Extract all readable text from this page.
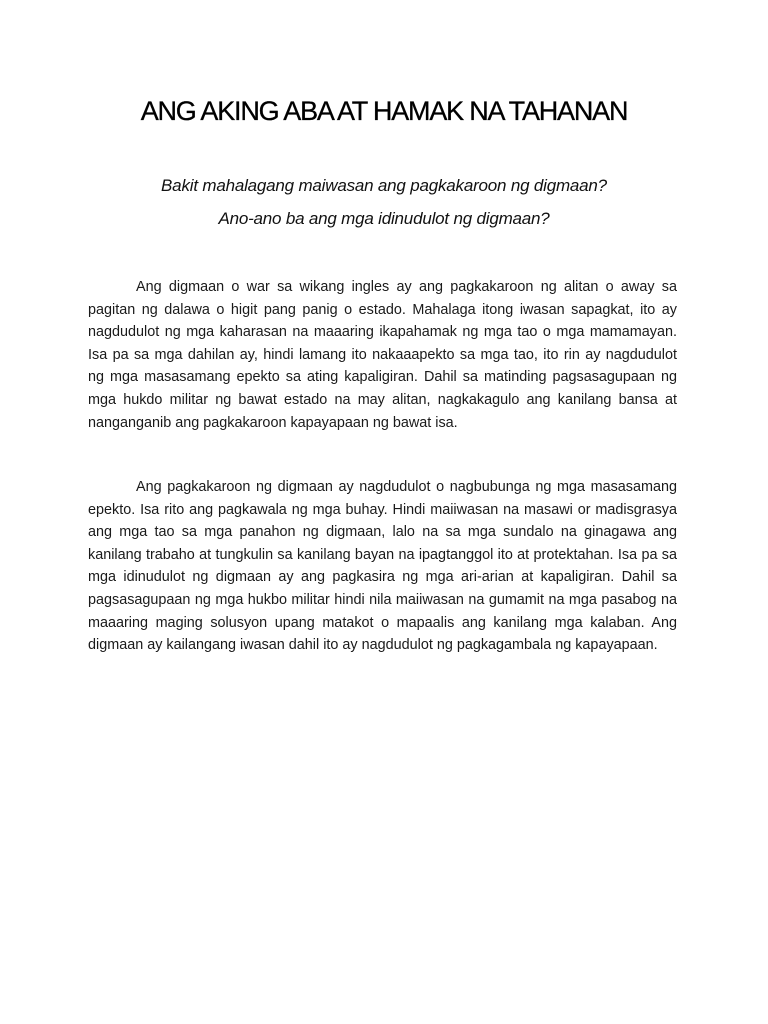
ANG AKING ABA AT HAMAK NA TAHANAN

Bakit mahalagang maiwasan ang pagkakaroon ng digmaan?

Ano-ano ba ang mga idinudulot ng digmaan?

Ang digmaan o war sa wikang ingles ay ang pagkakaroon ng alitan o away sa
pagitan ng dalawa o higit pang panig o estado. Mahalaga itong iwasan sapagkat, ito ay
nagdudulot ng mga kaharasan na maaaring ikapahamak ng mga tao o mga mamamayan.
Isa pa sa mga dahilan ay, hindi lamang ito nakaaapekto sa mga tao, ito rin ay nagdudulot
ng mga masasamang epekto sa ating kapaligiran. Dahil sa matinding pagsasagupaan ng
mga hukdo militar ng bawat estado na may alitan, nagkakagulo ang kanilang bansa at
nanganganib ang pagkakaroon kapayapaan ng bawat isa.
Ang pagkakaroon ng digmaan ay nagdudulot o nagbubunga ng mga masasamang
epekto. Isa rito ang pagkawala ng mga buhay. Hindi maiiwasan na masawi or madisgrasya
ang mga tao sa mga panahon ng digmaan, lalo na sa mga sundalo na ginagawa ang
kanilang trabaho at tungkulin sa kanilang bayan na ipagtanggol ito at protektahan. Isa pa sa
mga idinudulot ng digmaan ay ang pagkasira ng mga ari-arian at kapaligiran. Dahil sa
pagsasagupaan ng mga hukbo militar hindi nila maiiwasan na gumamit na mga pasabog na
maaaring maging solusyon upang matakot o mapaalis ang kanilang mga kalaban. Ang
digmaan ay kailangang iwasan dahil ito ay nagdudulot ng pagkagambala ng kapayapaan.
